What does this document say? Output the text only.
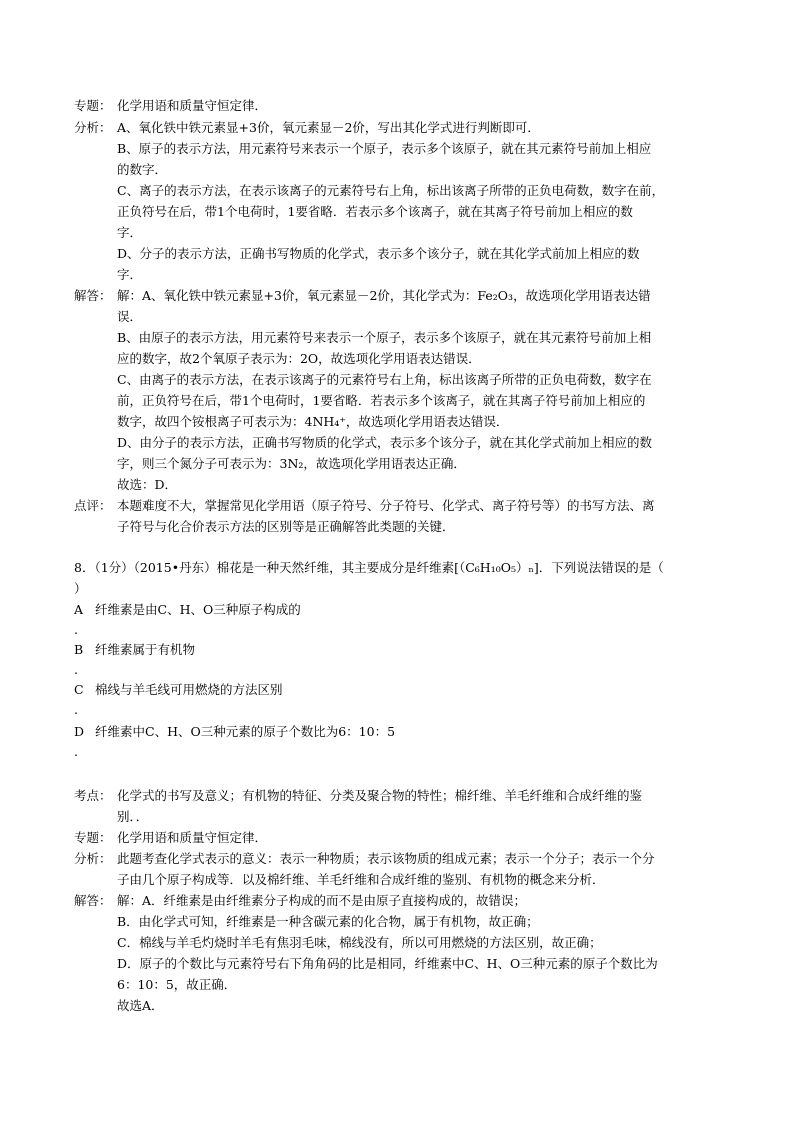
专题： 化学用语和质量守恒定律．
分析： A、氧化铁中铁元素显+3价，氧元素显－2价，写出其化学式进行判断即可．
B、原子的表示方法，用元素符号来表示一个原子，表示多个该原子，就在其元素符号前加上相应
的数字．
C、离子的表示方法，在表示该离子的元素符号右上角，标出该离子所带的正负电荷数，数字在前，
正负符号在后，带1个电荷时，1要省略．若表示多个该离子，就在其离子符号前加上相应的数
字．
D、分子的表示方法，正确书写物质的化学式，表示多个该分子，就在其化学式前加上相应的数
字．
解答： 解：A、氧化铁中铁元素显+3价，氧元素显－2价，其化学式为：Fe₂O₃，故选项化学用语表达错
误．
B、由原子的表示方法，用元素符号来表示一个原子，表示多个该原子，就在其元素符号前加上相
应的数字，故2个氧原子表示为：2O，故选项化学用语表达错误．
C、由离子的表示方法，在表示该离子的元素符号右上角，标出该离子所带的正负电荷数，数字在
前，正负符号在后，带1个电荷时，1要省略．若表示多个该离子，就在其离子符号前加上相应的
数字，故四个铵根离子可表示为：4NH₄⁺，故选项化学用语表达错误．
D、由分子的表示方法，正确书写物质的化学式，表示多个该分子，就在其化学式前加上相应的数
字，则三个氮分子可表示为：3N₂，故选项化学用语表达正确．
故选：D．
点评： 本题难度不大，掌握常见化学用语（原子符号、分子符号、化学式、离子符号等）的书写方法、离
子符号与化合价表示方法的区别等是正确解答此类题的关键．
8．（1分）（2015•丹东）棉花是一种天然纤维，其主要成分是纤维素[（C₆H₁₀O₅）ₙ]．下列说法错误的是（
）
A 纤维素是由C、H、O三种原子构成的
.
B 纤维素属于有机物
.
C 棉线与羊毛线可用燃烧的方法区别
.
D 纤维素中C、H、O三种元素的原子个数比为6：10：5
.
考点： 化学式的书写及意义；有机物的特征、分类及聚合物的特性；棉纤维、羊毛纤维和合成纤维的鉴
别．．
专题： 化学用语和质量守恒定律．
分析： 此题考查化学式表示的意义：表示一种物质；表示该物质的组成元素；表示一个分子；表示一个分
子由几个原子构成等．以及棉纤维、羊毛纤维和合成纤维的鉴别、有机物的概念来分析．
解答： 解：A．纤维素是由纤维素分子构成的而不是由原子直接构成的，故错误；
B．由化学式可知，纤维素是一种含碳元素的化合物，属于有机物，故正确；
C．棉线与羊毛灼烧时羊毛有焦羽毛味，棉线没有，所以可用燃烧的方法区别，故正确；
D．原子的个数比与元素符号右下角角码的比是相同，纤维素中C、H、O三种元素的原子个数比为
6：10：5，故正确．
故选A．
